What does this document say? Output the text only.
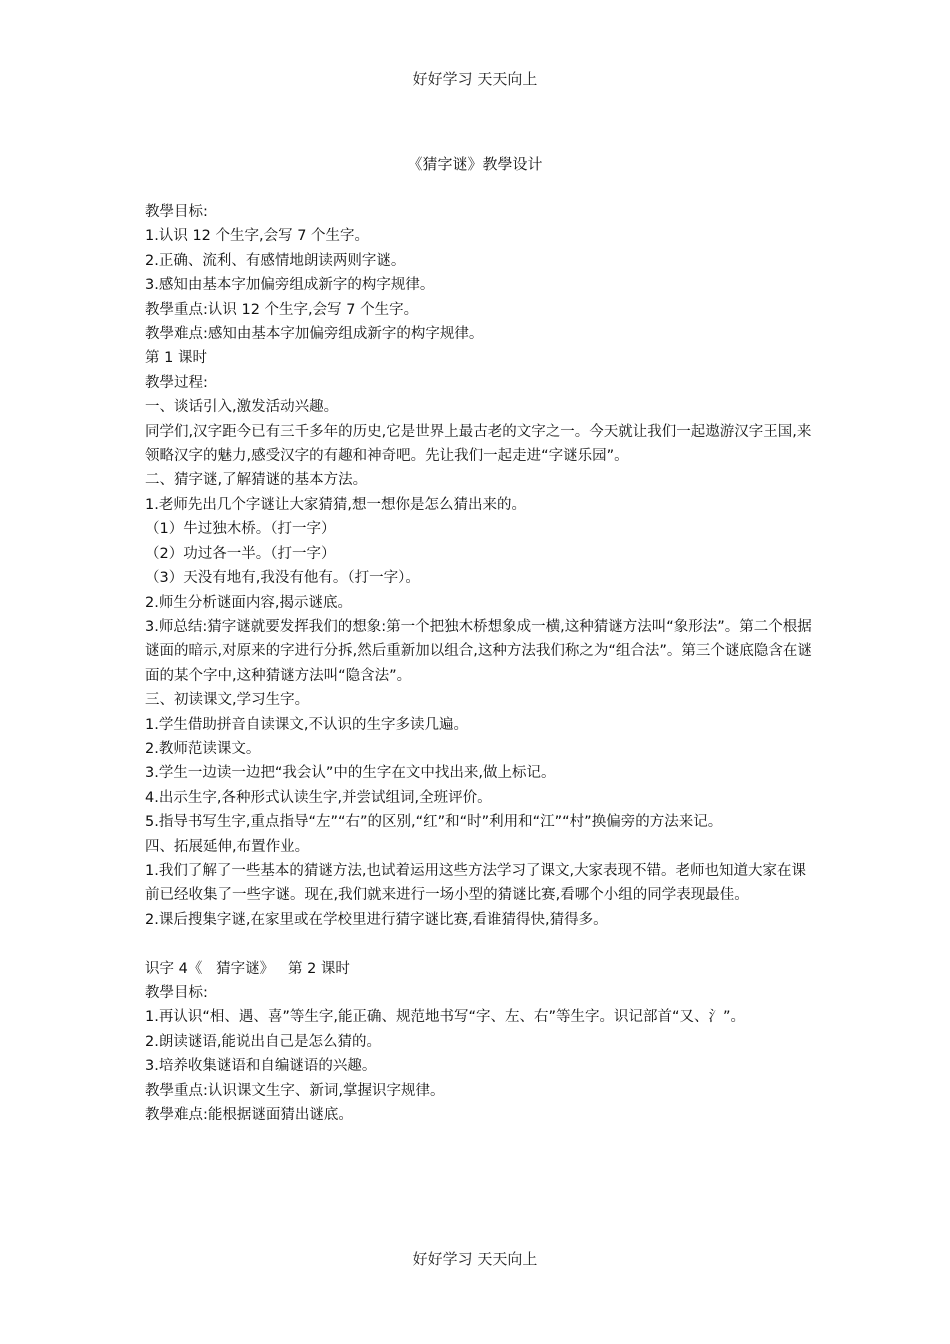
好好学习 天天向上
《猜字谜》教學设计
教學目标:
1.认识 12 个生字,会写 7 个生字。
2.正确、流利、有感情地朗读两则字谜。
3.感知由基本字加偏旁组成新字的构字规律。
教學重点:认识 12 个生字,会写 7 个生字。
教學难点:感知由基本字加偏旁组成新字的构字规律。
第 1 课时
教學过程:
一、谈话引入,激发活动兴趣。
同学们,汉字距今已有三千多年的历史,它是世界上最古老的文字之一。今天就让我们一起遨游汉字王国,来领略汉字的魅力,感受汉字的有趣和神奇吧。先让我们一起走进“字谜乐园”。
二、猜字谜,了解猜谜的基本方法。
1.老师先出几个字谜让大家猜猜,想一想你是怎么猜出来的。
（1）牛过独木桥。（打一字）
（2）功过各一半。（打一字）
（3）天没有地有,我没有他有。（打一字）。
2.师生分析谜面内容,揭示谜底。
3.师总结:猜字谜就要发挥我们的想象:第一个把独木桥想象成一横,这种猜谜方法叫“象形法”。第二个根据谜面的暗示,对原来的字进行分拆,然后重新加以组合,这种方法我们称之为“组合法”。第三个谜底隐含在谜面的某个字中,这种猜谜方法叫“隐含法”。
三、初读课文,学习生字。
1.学生借助拼音自读课文,不认识的生字多读几遍。
2.教师范读课文。
3.学生一边读一边把“我会认”中的生字在文中找出来,做上标记。
4.出示生字,各种形式认读生字,并尝试组词,全班评价。
5.指导书写生字,重点指导“左”“右”的区别,“红”和“时”利用和“江”“村”换偏旁的方法来记。
四、拓展延伸,布置作业。
1.我们了解了一些基本的猜谜方法,也试着运用这些方法学习了课文,大家表现不错。老师也知道大家在课前已经收集了一些字谜。现在,我们就来进行一场小型的猜谜比赛,看哪个小组的同学表现最佳。
2.课后搜集字谜,在家里或在学校里进行猜字谜比赛,看谁猜得快,猜得多。
识字 4《   猜字谜》   第 2 课时
教學目标:
1.再认识“相、遇、喜”等生字,能正确、规范地书写“字、左、右”等生字。识记部首“又、氵”。
2.朗读谜语,能说出自己是怎么猜的。
3.培养收集谜语和自编谜语的兴趣。
教學重点:认识课文生字、新词,掌握识字规律。
教學难点:能根据谜面猜出谜底。
好好学习 天天向上
